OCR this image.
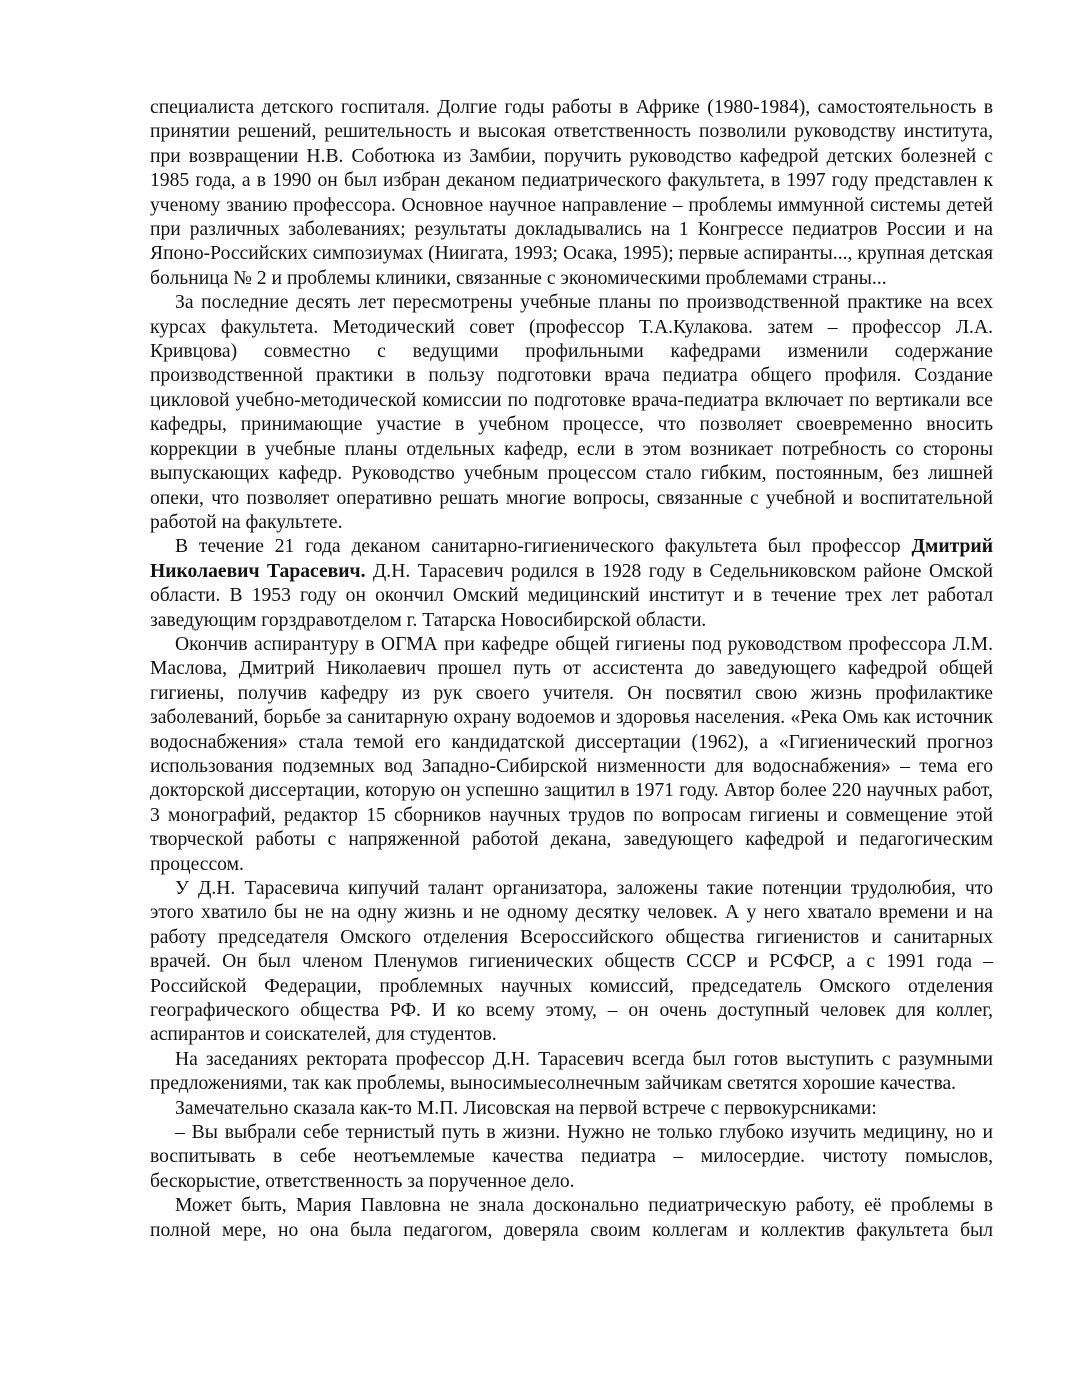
специалиста детского госпиталя. Долгие годы работы в Африке (1980-1984), самостоятельность в принятии решений, решительность и высокая ответственность позволили руководству института, при возвращении Н.В. Соботюка из Замбии, поручить руководство кафедрой детских болезней с 1985 года, а в 1990 он был избран деканом педиатрического факультета, в 1997 году представлен к ученому званию профессора. Основное научное направление – проблемы иммунной системы детей при различных заболеваниях; результаты докладывались на 1 Конгрессе педиатров России и на Японо-Российских симпозиумах (Ниигата, 1993; Осака, 1995); первые аспиранты..., крупная детская больница № 2 и проблемы клиники, связанные с экономическими проблемами страны...

За последние десять лет пересмотрены учебные планы по производственной практике на всех курсах факультета. Методический совет (профессор Т.А.Кулакова. затем – профессор Л.А. Кривцова) совместно с ведущими профильными кафедрами изменили содержание производственной практики в пользу подготовки врача педиатра общего профиля. Создание цикловой учебно-методической комиссии по подготовке врача-педиатра включает по вертикали все кафедры, принимающие участие в учебном процессе, что позволяет своевременно вносить коррекции в учебные планы отдельных кафедр, если в этом возникает потребность со стороны выпускающих кафедр. Руководство учебным процессом стало гибким, постоянным, без лишней опеки, что позволяет оперативно решать многие вопросы, связанные с учебной и воспитательной работой на факультете.

В течение 21 года деканом санитарно-гигиенического факультета был профессор Дмитрий Николаевич Тарасевич. Д.Н. Тарасевич родился в 1928 году в Седельниковском районе Омской области. В 1953 году он окончил Омский медицинский институт и в течение трех лет работал заведующим горздравотделом г. Татарска Новосибирской области.

Окончив аспирантуру в ОГМА при кафедре общей гигиены под руководством профессора Л.М. Маслова, Дмитрий Николаевич прошел путь от ассистента до заведующего кафедрой общей гигиены, получив кафедру из рук своего учителя. Он посвятил свою жизнь профилактике заболеваний, борьбе за санитарную охрану водоемов и здоровья населения. «Река Омь как источник водоснабжения» стала темой его кандидатской диссертации (1962), а «Гигиенический прогноз использования подземных вод Западно-Сибирской низменности для водоснабжения» – тема его докторской диссертации, которую он успешно защитил в 1971 году. Автор более 220 научных работ, 3 монографий, редактор 15 сборников научных трудов по вопросам гигиены и совмещение этой творческой работы с напряженной работой декана, заведующего кафедрой и педагогическим процессом.

У Д.Н. Тарасевича кипучий талант организатора, заложены такие потенции трудолюбия, что этого хватило бы не на одну жизнь и не одному десятку человек. А у него хватало времени и на работу председателя Омского отделения Всероссийского общества гигиенистов и санитарных врачей. Он был членом Пленумов гигиенических обществ СССР и РСФСР, а с 1991 года – Российской Федерации, проблемных научных комиссий, председатель Омского отделения географического общества РФ. И ко всему этому, – он очень доступный человек для коллег, аспирантов и соискателей, для студентов.

На заседаниях ректората профессор Д.Н. Тарасевич всегда был готов выступить с разумными предложениями, так как проблемы, выносимыесолнечным зайчикам светятся хорошие качества.

Замечательно сказала как-то М.П. Лисовская на первой встрече с первокурсниками:

– Вы выбрали себе тернистый путь в жизни. Нужно не только глубоко изучить медицину, но и воспитывать в себе неотъемлемые качества педиатра – милосердие. чистоту помыслов, бескорыстие, ответственность за порученное дело.

Может быть, Мария Павловна не знала досконально педиатрическую работу, её проблемы в полной мере, но она была педагогом, доверяла своим коллегам и коллектив факультета был
